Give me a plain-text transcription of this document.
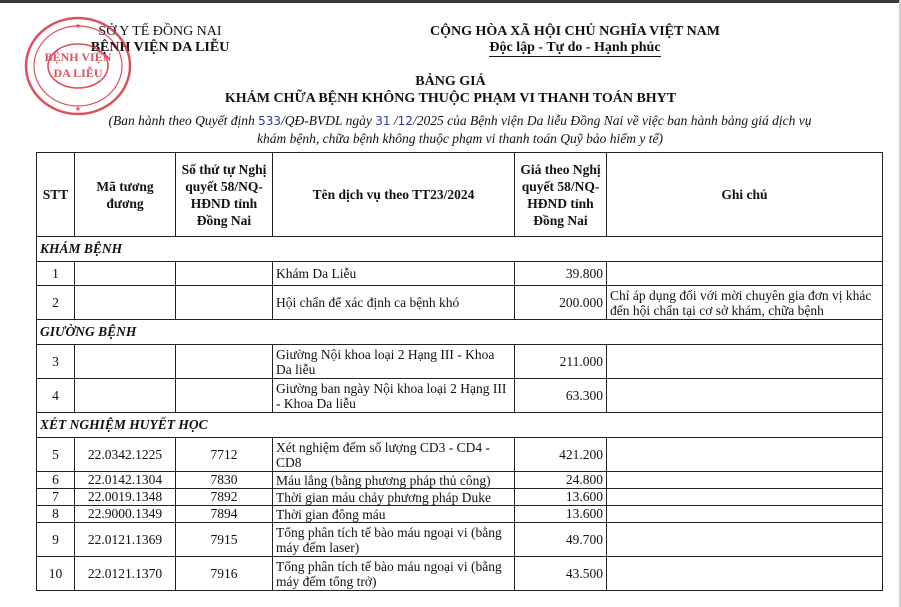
SỞ Y TẾ ĐỒNG NAI
BỆNH VIỆN DA LIỄU
BỆNH VIỆN
DA LIỄU
★
★
CỘNG HÒA XÃ HỘI CHỦ NGHĨA VIỆT NAM
Độc lập - Tự do - Hạnh phúc
BẢNG GIÁ
KHÁM CHỮA BỆNH KHÔNG THUỘC PHẠM VI THANH TOÁN BHYT
(Ban hành theo Quyết định 533/QĐ-BVDL ngày 31 /12/2025 của Bệnh viện Da liễu Đồng Nai về việc ban hành bảng giá dịch vụ
khám bệnh, chữa bệnh không thuộc phạm vi thanh toán Quỹ bảo hiểm y tế)
STT	Mã tương đương	Số thứ tự Nghị quyết 58/NQ-HĐND tỉnh Đồng Nai	Tên dịch vụ theo TT23/2024	Giá theo Nghị quyết 58/NQ-HĐND tỉnh Đồng Nai	Ghi chú
KHÁM BỆNH					
1			Khám Da Liễu	39.800	
2			Hội chẩn để xác định ca bệnh khó	200.000	Chỉ áp dụng đối với mời chuyên gia đơn vị khác đến hội chẩn tại cơ sở khám, chữa bệnh
GIƯỜNG BỆNH					
3			Giường Nội khoa loại 2 Hạng III - Khoa Da liễu	211.000	
4			Giường ban ngày Nội khoa loại 2 Hạng III - Khoa Da liễu	63.300	
XÉT NGHIỆM HUYẾT HỌC					
5	22.0342.1225	7712	Xét nghiệm đếm số lượng CD3 - CD4 - CD8	421.200	
6	22.0142.1304	7830	Máu lắng (bằng phương pháp thủ công)	24.800	
7	22.0019.1348	7892	Thời gian máu chảy phương pháp Duke	13.600	
8	22.9000.1349	7894	Thời gian đông máu	13.600	
9	22.0121.1369	7915	Tổng phân tích tế bào máu ngoại vi (bằng máy đếm laser)	49.700	
10	22.0121.1370	7916	Tổng phân tích tế bào máu ngoại vi (bằng máy đếm tổng trở)	43.500	
